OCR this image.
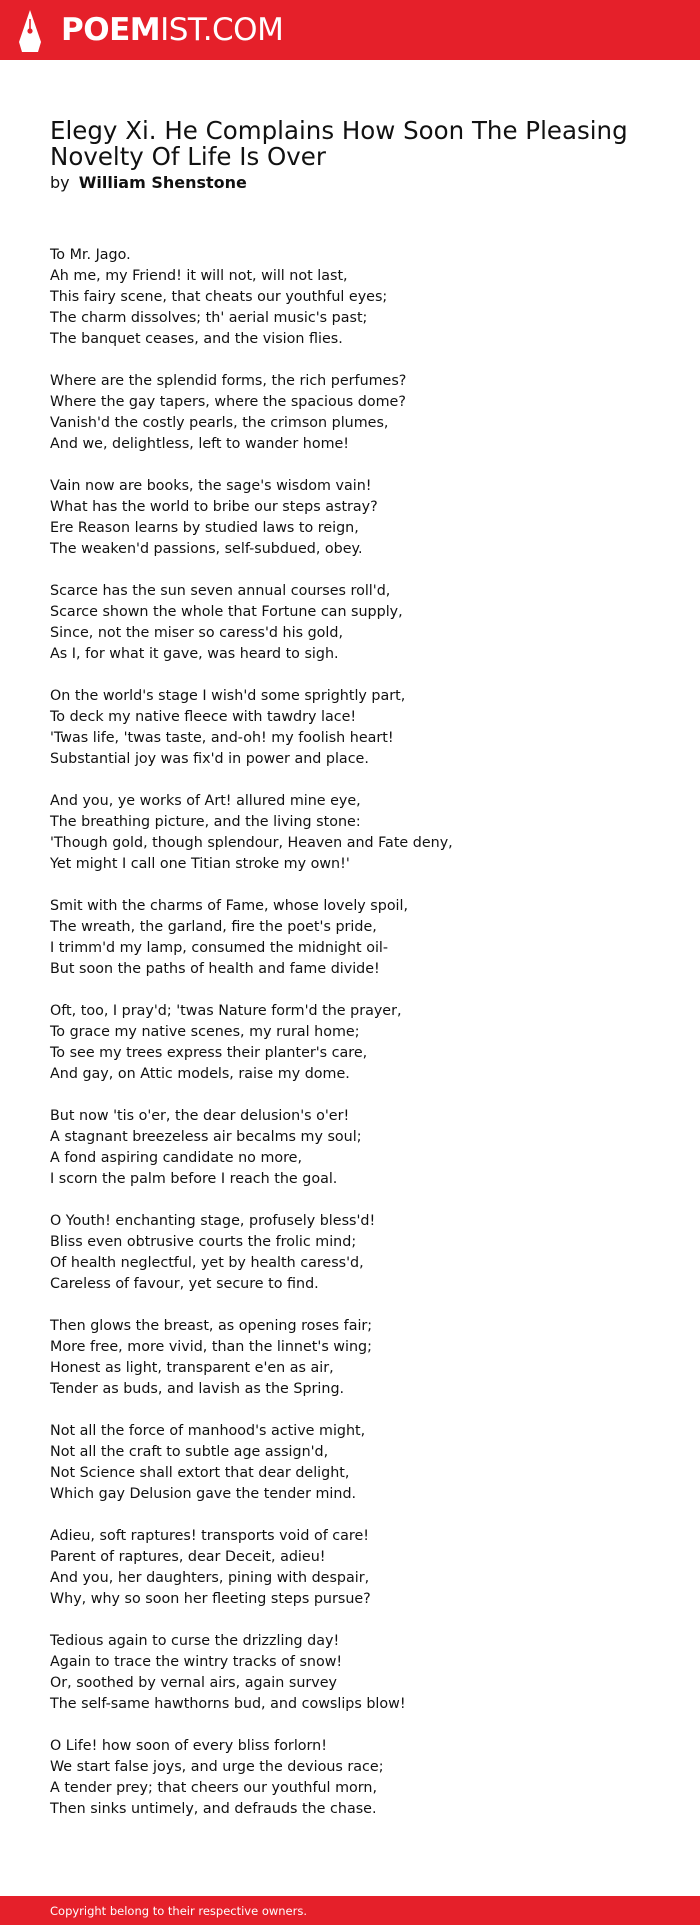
POEMIST.COM
Elegy Xi. He Complains How Soon The Pleasing Novelty Of Life Is Over
by William Shenstone
To Mr. Jago.
Ah me, my Friend! it will not, will not last,
This fairy scene, that cheats our youthful eyes;
The charm dissolves; th' aerial music's past;
The banquet ceases, and the vision flies.
Where are the splendid forms, the rich perfumes?
Where the gay tapers, where the spacious dome?
Vanish'd the costly pearls, the crimson plumes,
And we, delightless, left to wander home!
Vain now are books, the sage's wisdom vain!
What has the world to bribe our steps astray?
Ere Reason learns by studied laws to reign,
The weaken'd passions, self-subdued, obey.
Scarce has the sun seven annual courses roll'd,
Scarce shown the whole that Fortune can supply,
Since, not the miser so caress'd his gold,
As I, for what it gave, was heard to sigh.
On the world's stage I wish'd some sprightly part,
To deck my native fleece with tawdry lace!
'Twas life, 'twas taste, and-oh! my foolish heart!
Substantial joy was fix'd in power and place.
And you, ye works of Art! allured mine eye,
The breathing picture, and the living stone:
'Though gold, though splendour, Heaven and Fate deny,
Yet might I call one Titian stroke my own!'
Smit with the charms of Fame, whose lovely spoil,
The wreath, the garland, fire the poet's pride,
I trimm'd my lamp, consumed the midnight oil-
But soon the paths of health and fame divide!
Oft, too, I pray'd; 'twas Nature form'd the prayer,
To grace my native scenes, my rural home;
To see my trees express their planter's care,
And gay, on Attic models, raise my dome.
But now 'tis o'er, the dear delusion's o'er!
A stagnant breezeless air becalms my soul;
A fond aspiring candidate no more,
I scorn the palm before I reach the goal.
O Youth! enchanting stage, profusely bless'd!
Bliss even obtrusive courts the frolic mind;
Of health neglectful, yet by health caress'd,
Careless of favour, yet secure to find.
Then glows the breast, as opening roses fair;
More free, more vivid, than the linnet's wing;
Honest as light, transparent e'en as air,
Tender as buds, and lavish as the Spring.
Not all the force of manhood's active might,
Not all the craft to subtle age assign'd,
Not Science shall extort that dear delight,
Which gay Delusion gave the tender mind.
Adieu, soft raptures! transports void of care!
Parent of raptures, dear Deceit, adieu!
And you, her daughters, pining with despair,
Why, why so soon her fleeting steps pursue?
Tedious again to curse the drizzling day!
Again to trace the wintry tracks of snow!
Or, soothed by vernal airs, again survey
The self-same hawthorns bud, and cowslips blow!
O Life! how soon of every bliss forlorn!
We start false joys, and urge the devious race;
A tender prey; that cheers our youthful morn,
Then sinks untimely, and defrauds the chase.
Copyright belong to their respective owners.
